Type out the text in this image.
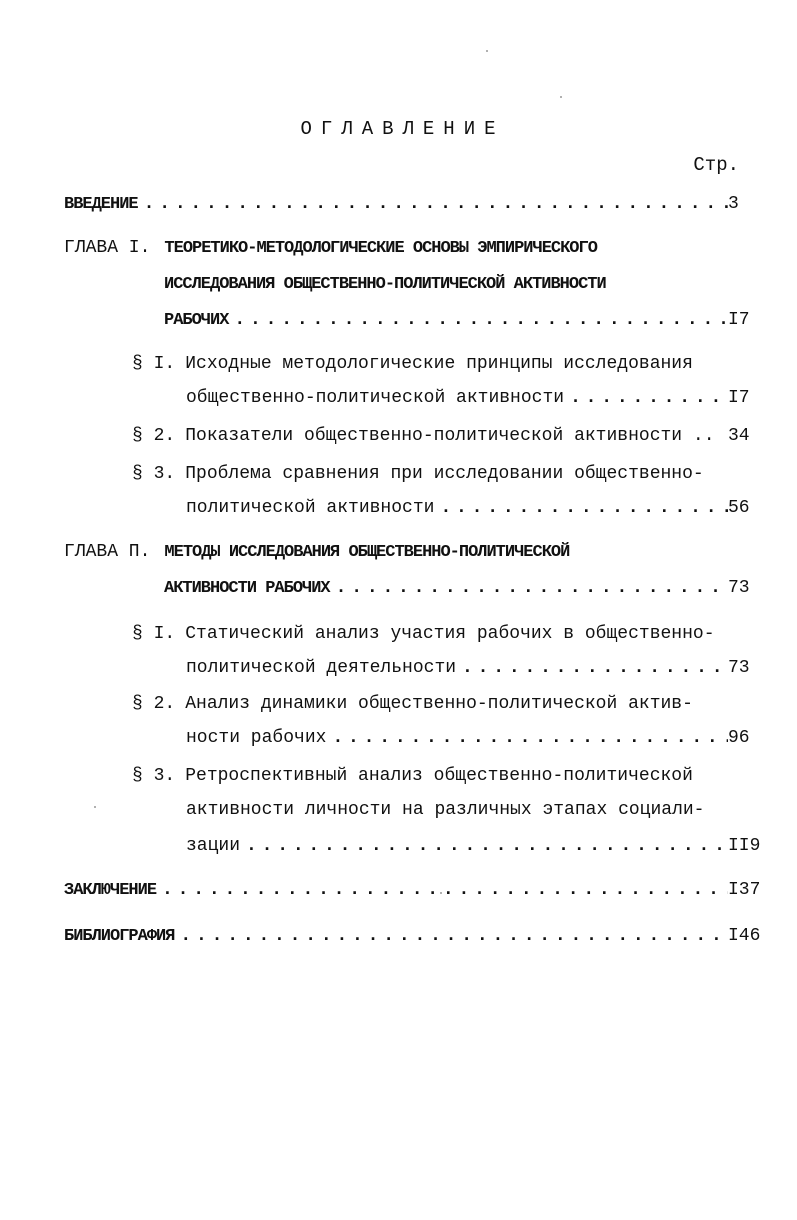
ОГЛАВЛЕНИЕ
Стр.
ВВЕДЕНИЕ . . .	3
ГЛАВА I. ТЕОРЕТИКО-МЕТОДОЛОГИЧЕСКИЕ ОСНОВЫ ЭМПИРИЧЕСКОГО
ИССЛЕДОВАНИЯ ОБЩЕСТВЕННО-ПОЛИТИЧЕСКОЙ АКТИВНОСТИ
РАБОЧИХ . . .	I7
§ I. Исходные методологические принципы исследования
общественно-политической активности . . .	I7
§ 2. Показатели общественно-политической активности .. 34
§ 3. Проблема сравнения при исследовании общественно-
политической активности . . .	56
ГЛАВА П. МЕТОДЫ ИССЛЕДОВАНИЯ ОБЩЕСТВЕННО-ПОЛИТИЧЕСКОЙ
АКТИВНОСТИ РАБОЧИХ . . .	73
§ I. Статический анализ участия рабочих в общественно-
политической деятельности . . .	73
§ 2. Анализ динамики общественно-политической актив-
ности рабочих . . .	96
§ 3. Ретроспективный анализ общественно-политической
активности личности на различных этапах социали-
зации . . .	II9
ЗАКЛЮЧЕНИЕ . . .	I37
БИБЛИОГРАФИЯ . . .	I46
